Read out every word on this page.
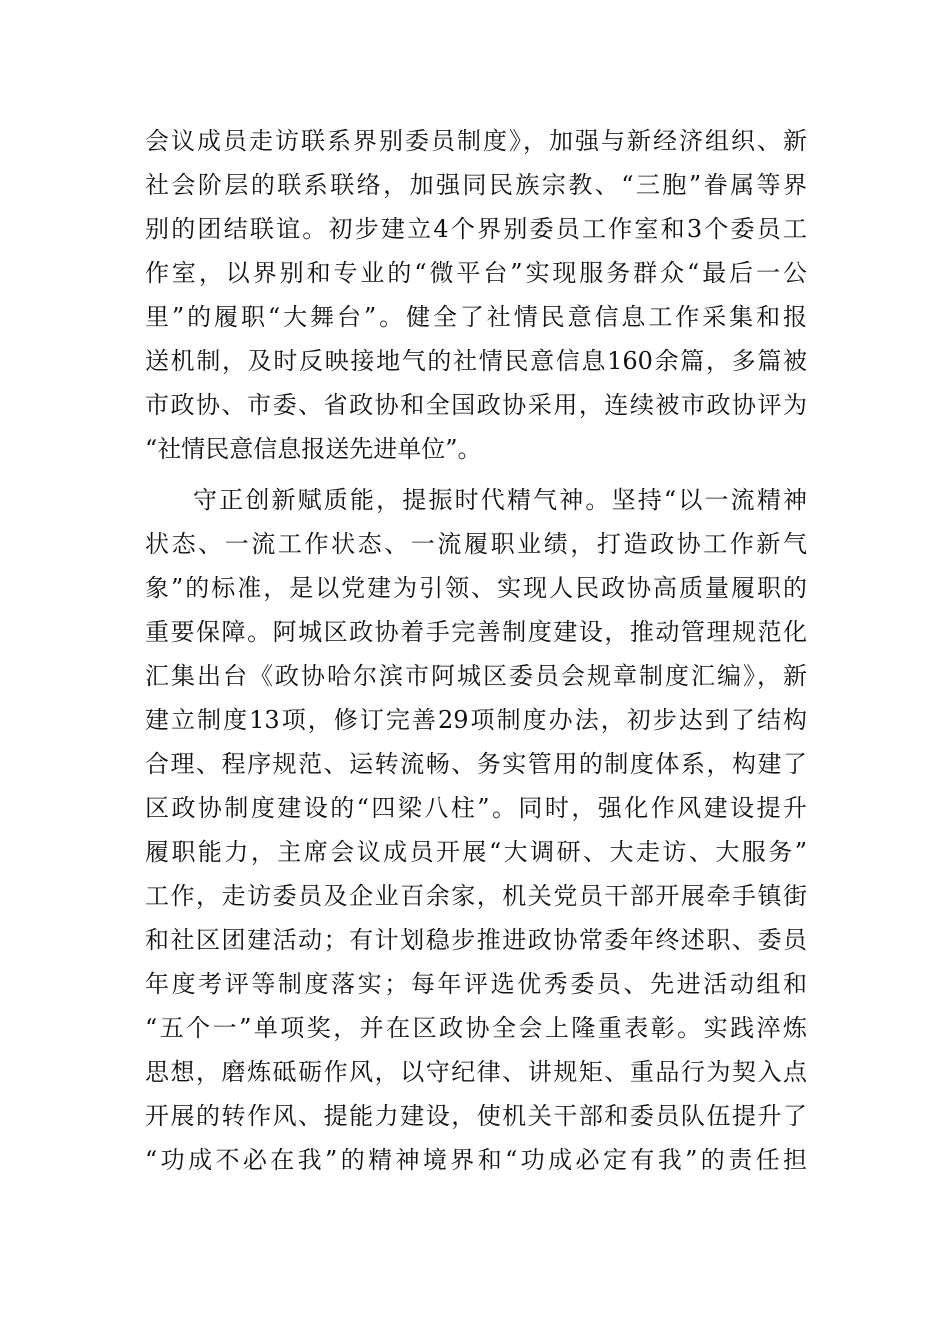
会议成员走访联系界别委员制度》，加强与新经济组织、新
社会阶层的联系联络，加强同民族宗教、“三胞”眷属等界
别的团结联谊。初步建立4个界别委员工作室和3个委员工
作室，以界别和专业的“微平台”实现服务群众“最后一公
里”的履职“大舞台”。健全了社情民意信息工作采集和报
送机制，及时反映接地气的社情民意信息160余篇，多篇被
市政协、市委、省政协和全国政协采用，连续被市政协评为
“社情民意信息报送先进单位”。
守正创新赋质能，提振时代精气神。坚持“以一流精神
状态、一流工作状态、一流履职业绩，打造政协工作新气
象”的标准，是以党建为引领、实现人民政协高质量履职的
重要保障。阿城区政协着手完善制度建设，推动管理规范化
汇集出台《政协哈尔滨市阿城区委员会规章制度汇编》，新
建立制度13项，修订完善29项制度办法，初步达到了结构
合理、程序规范、运转流畅、务实管用的制度体系，构建了
区政协制度建设的“四梁八柱”。同时，强化作风建设提升
履职能力，主席会议成员开展“大调研、大走访、大服务”
工作，走访委员及企业百余家，机关党员干部开展牵手镇街
和社区团建活动；有计划稳步推进政协常委年终述职、委员
年度考评等制度落实；每年评选优秀委员、先进活动组和
“五个一”单项奖，并在区政协全会上隆重表彰。实践淬炼
思想，磨炼砥砺作风，以守纪律、讲规矩、重品行为契入点
开展的转作风、提能力建设，使机关干部和委员队伍提升了
“功成不必在我”的精神境界和“功成必定有我”的责任担
